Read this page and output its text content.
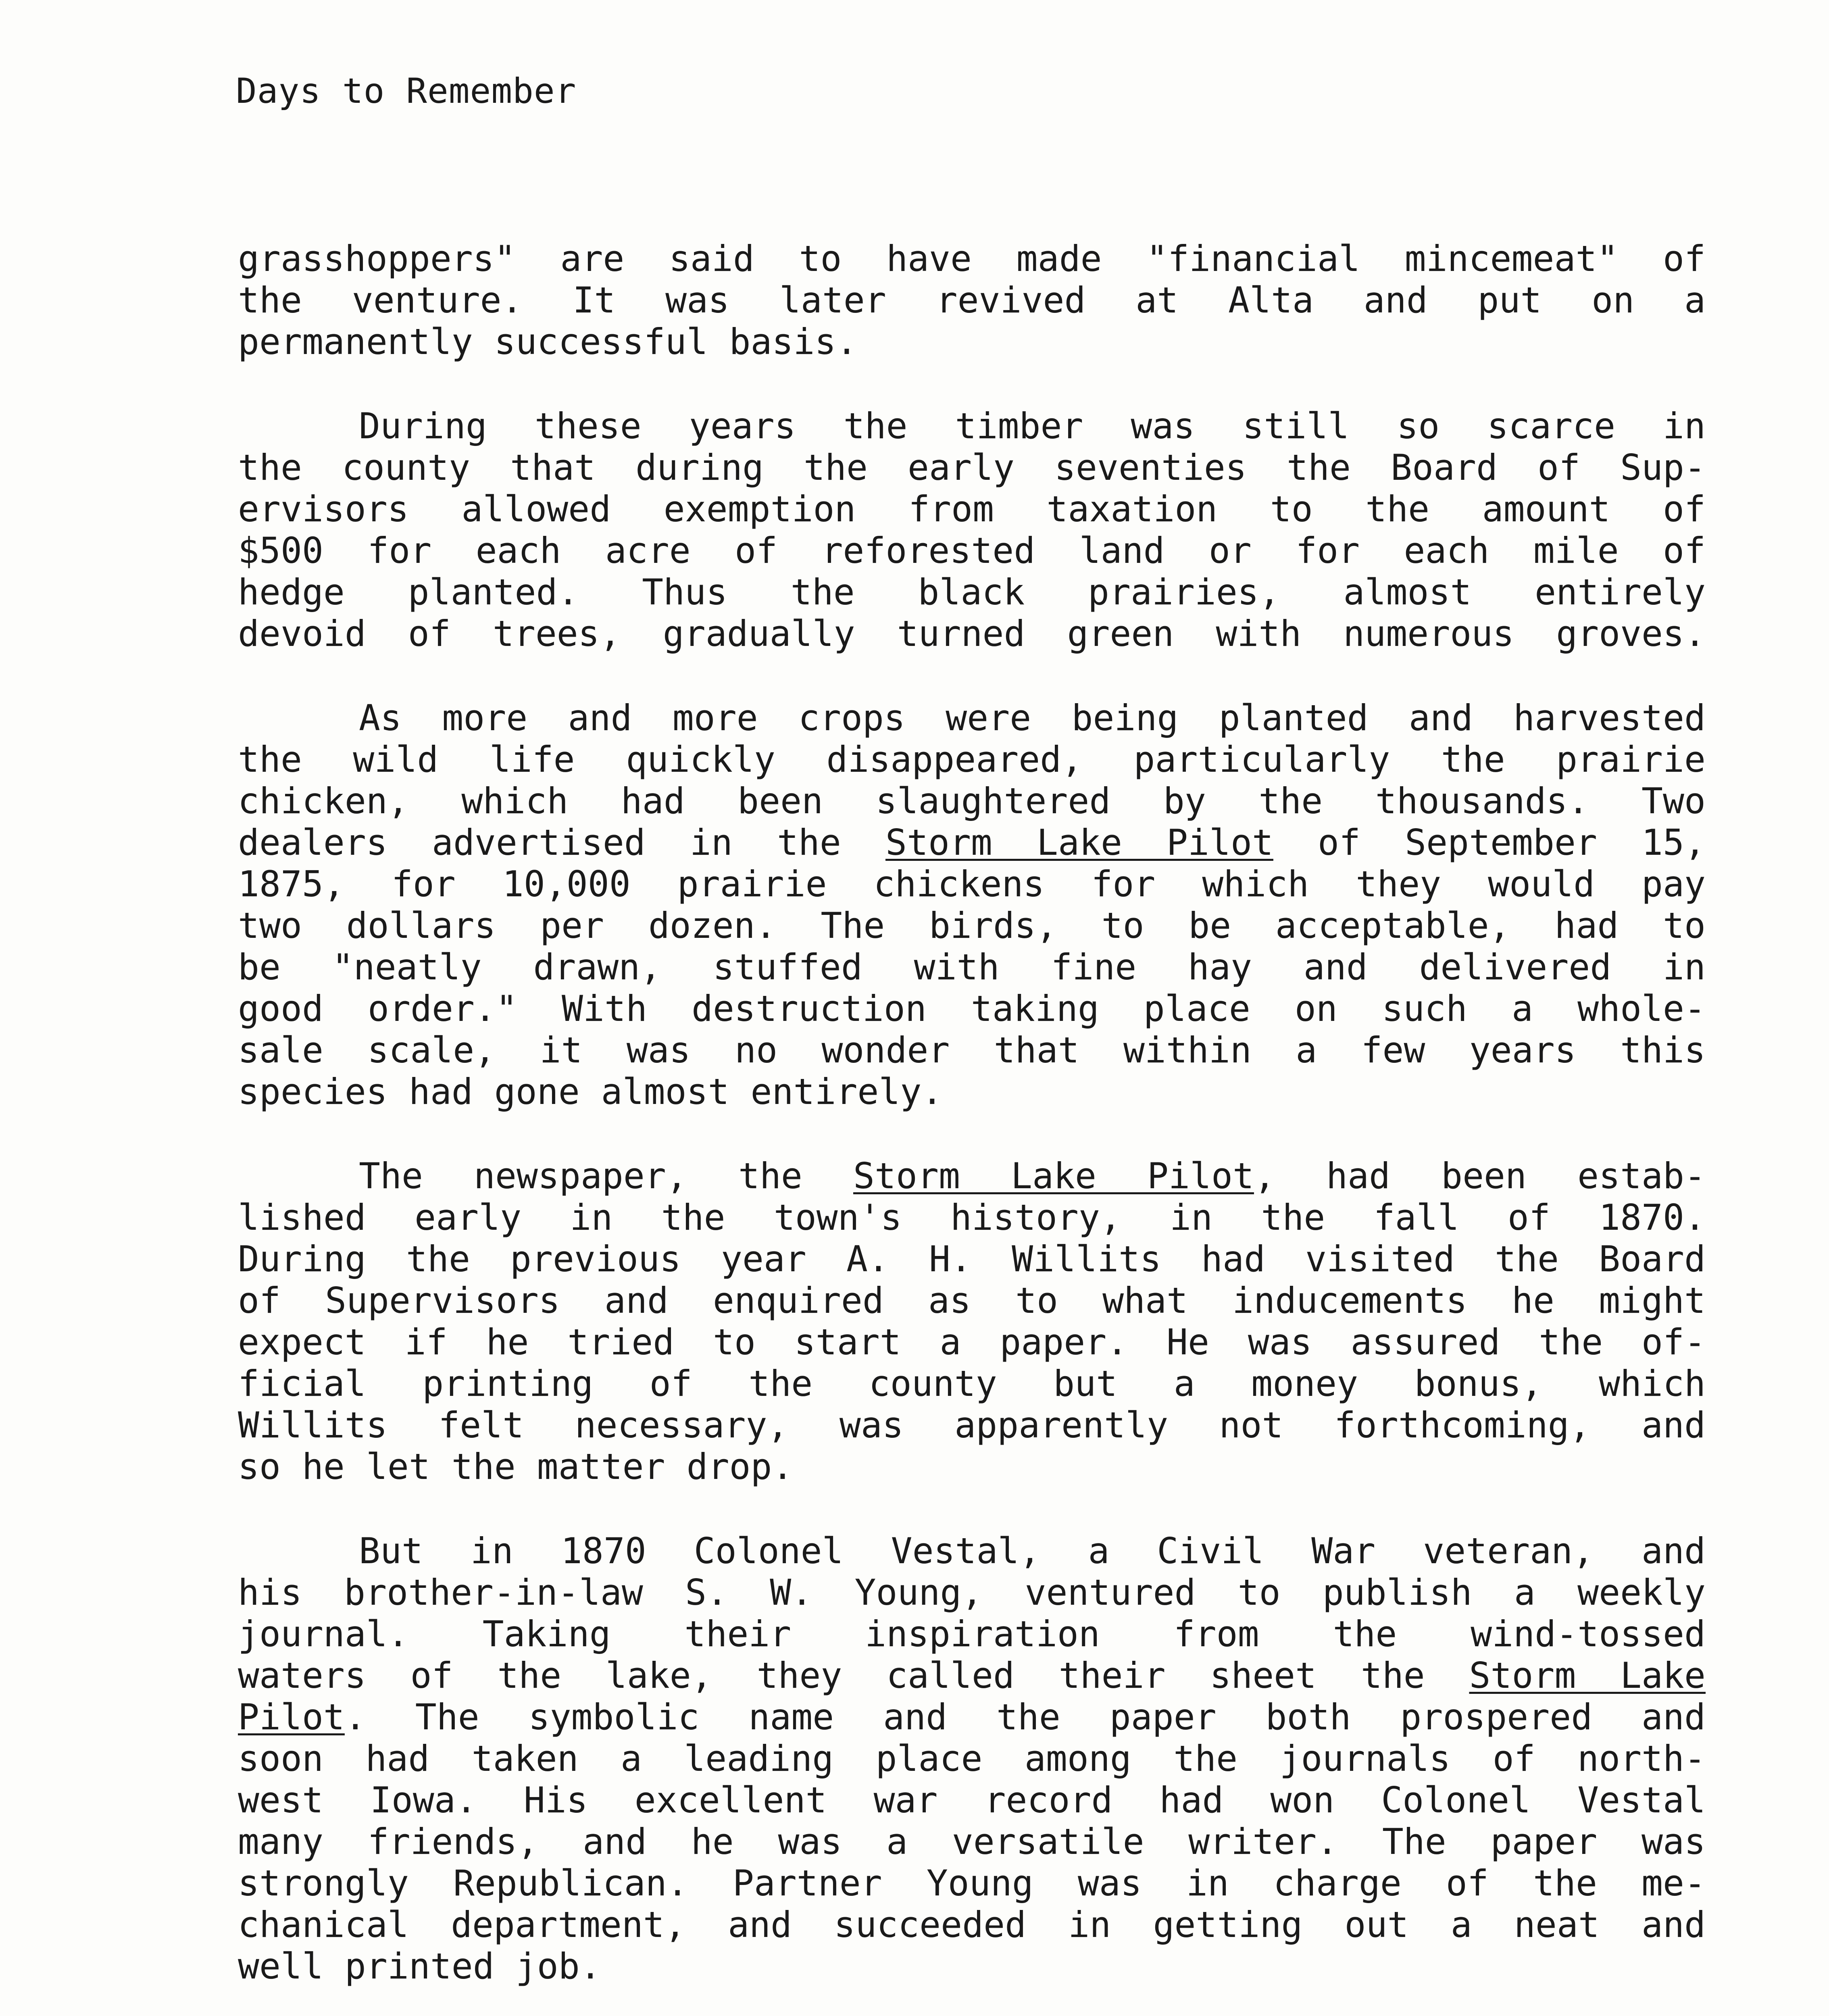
Days to Remember
grasshoppers" are said to have made "financial mincemeat" of
the venture. It was later revived at Alta and put on a
permanently successful basis.
During these years the timber was still so scarce in
the county that during the early seventies the Board of Sup-
ervisors allowed exemption from taxation to the amount of
$500 for each acre of reforested land or for each mile of
hedge planted. Thus the black prairies, almost entirely
devoid of trees, gradually turned green with numerous groves.
As more and more crops were being planted and harvested
the wild life quickly disappeared, particularly the prairie
chicken, which had been slaughtered by the thousands. Two
dealers advertised in the Storm Lake Pilot of September 15,
1875, for 10,000 prairie chickens for which they would pay
two dollars per dozen. The birds, to be acceptable, had to
be "neatly drawn, stuffed with fine hay and delivered in
good order." With destruction taking place on such a whole-
sale scale, it was no wonder that within a few years this
species had gone almost entirely.
The newspaper, the Storm Lake Pilot, had been estab-
lished early in the town's history, in the fall of 1870.
During the previous year A. H. Willits had visited the Board
of Supervisors and enquired as to what inducements he might
expect if he tried to start a paper. He was assured the of-
ficial printing of the county but a money bonus, which
Willits felt necessary, was apparently not forthcoming, and
so he let the matter drop.
But in 1870 Colonel Vestal, a Civil War veteran, and
his brother-in-law S. W. Young, ventured to publish a weekly
journal. Taking their inspiration from the wind-tossed
waters of the lake, they called their sheet the Storm Lake
Pilot. The symbolic name and the paper both prospered and
soon had taken a leading place among the journals of north-
west Iowa. His excellent war record had won Colonel Vestal
many friends, and he was a versatile writer. The paper was
strongly Republican. Partner Young was in charge of the me-
chanical department, and succeeded in getting out a neat and
well printed job.
